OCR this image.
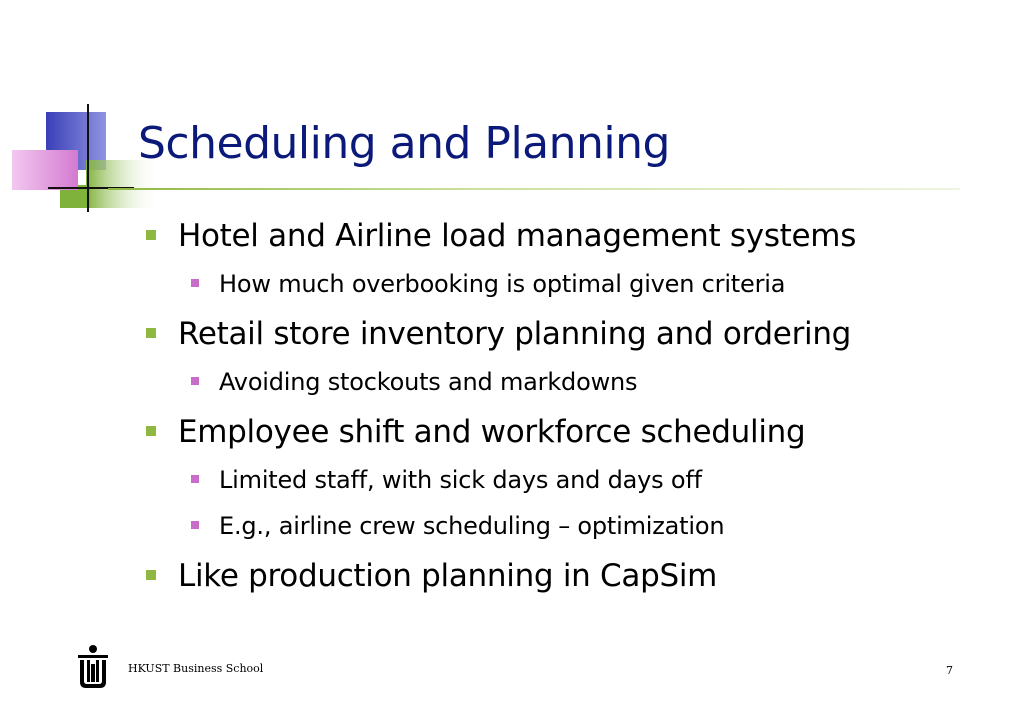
Scheduling and Planning
Hotel and Airline load management systems
How much overbooking is optimal given criteria
Retail store inventory planning and ordering
Avoiding stockouts and markdowns
Employee shift and workforce scheduling
Limited staff, with sick days and days off
E.g., airline crew scheduling – optimization
Like production planning in CapSim
HKUST Business School	7
